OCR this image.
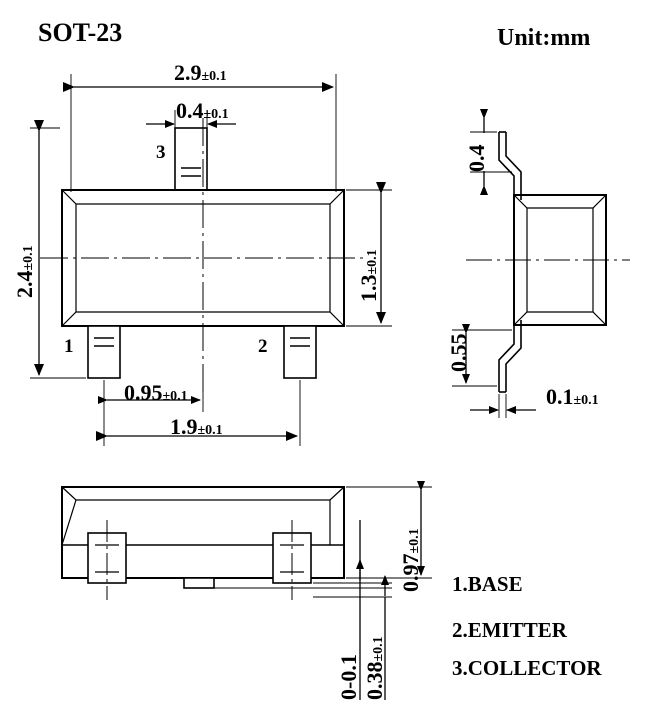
SOT-23	Unit:mm
2.9±0.1
0.4±0.1
2.4±0.1
1.3±0.1
0.95±0.1
1.9±0.1
1	2
3	0.4
0.55
0.1±0.1
0.97±0.1
0-0.1 0.38±0.1
1.BASE
2.EMITTER
3.COLLECTOR
